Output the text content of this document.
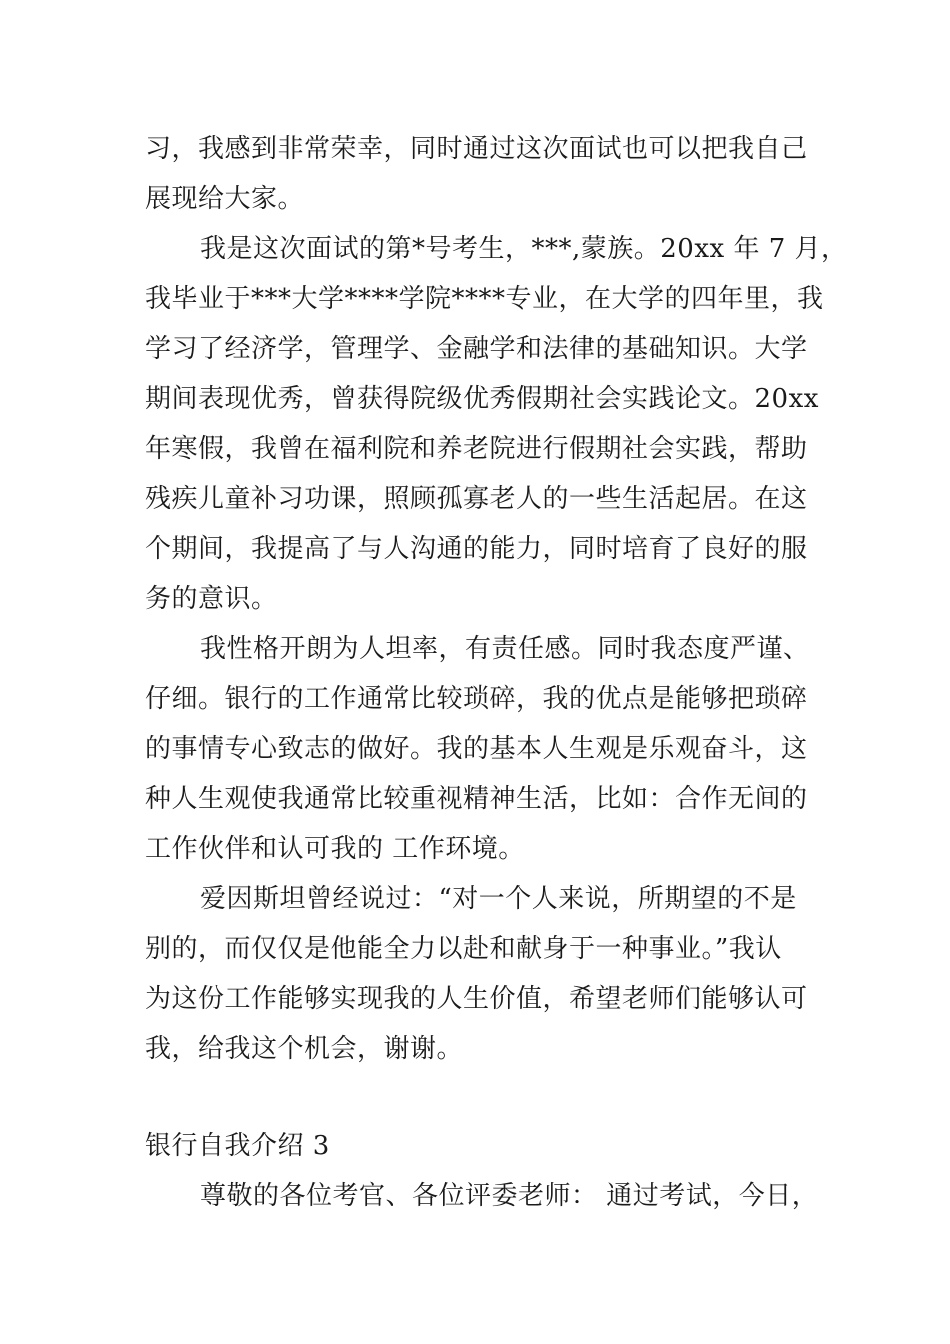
习，我感到非常荣幸，同时通过这次面试也可以把我自己
展现给大家。
我是这次面试的第*号考生，***,蒙族。20xx 年 7 月，
我毕业于***大学****学院****专业，在大学的四年里，我
学习了经济学，管理学、金融学和法律的基础知识。大学
期间表现优秀，曾获得院级优秀假期社会实践论文。20xx
年寒假，我曾在福利院和养老院进行假期社会实践，帮助
残疾儿童补习功课，照顾孤寡老人的一些生活起居。在这
个期间，我提高了与人沟通的能力，同时培育了良好的服
务的意识。
我性格开朗为人坦率，有责任感。同时我态度严谨、
仔细。银行的工作通常比较琐碎，我的优点是能够把琐碎
的事情专心致志的做好。我的基本人生观是乐观奋斗，这
种人生观使我通常比较重视精神生活，比如：合作无间的
工作伙伴和认可我的 工作环境。
爱因斯坦曾经说过：“对一个人来说，所期望的不是
别的，而仅仅是他能全力以赴和献身于一种事业。”我认
为这份工作能够实现我的人生价值，希望老师们能够认可
我，给我这个机会，谢谢。
银行自我介绍 3
尊敬的各位考官、各位评委老师： 通过考试，今日，
